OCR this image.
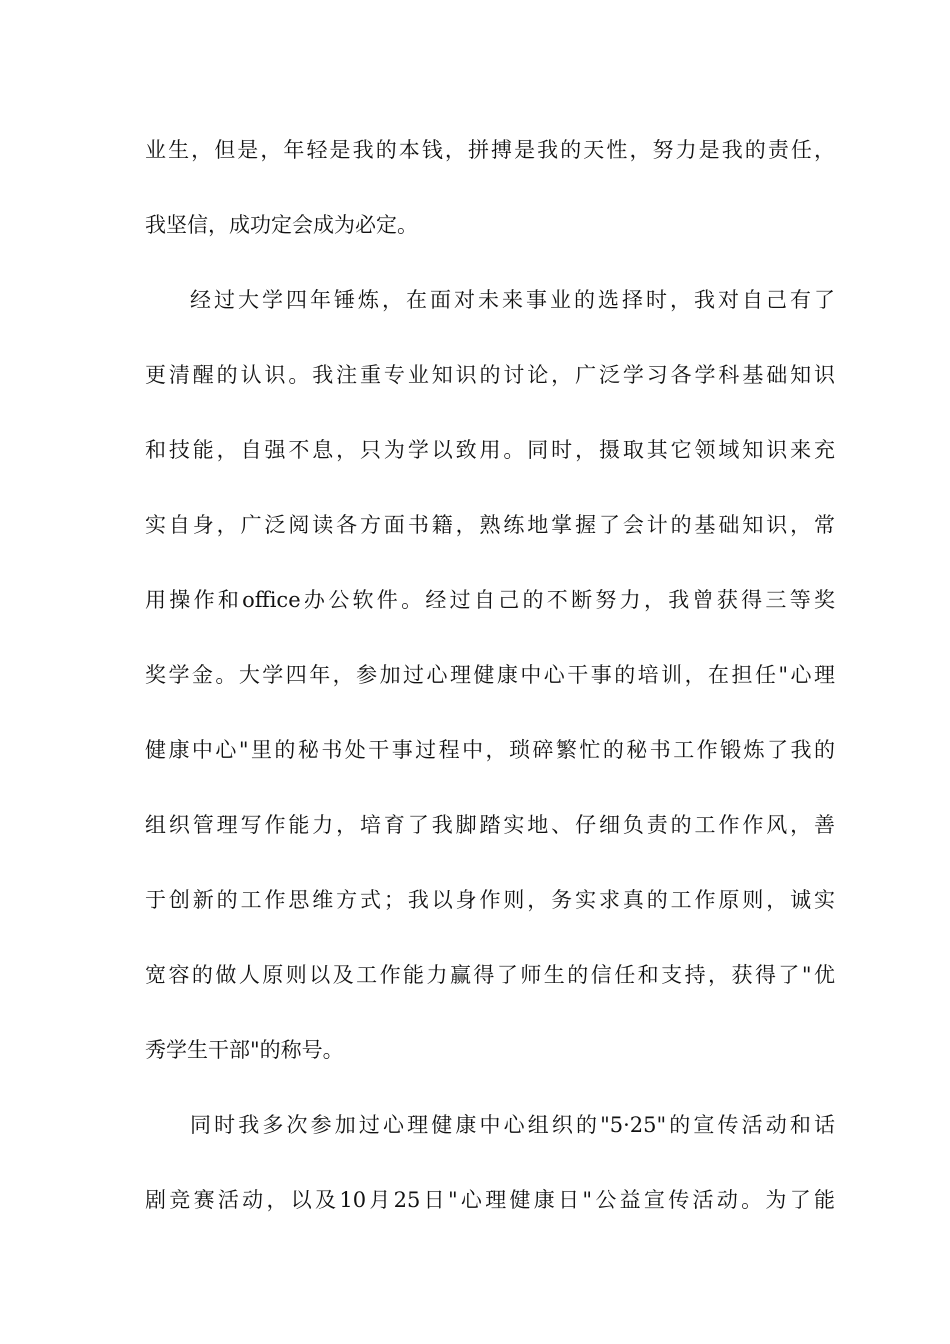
业生，但是，年轻是我的本钱，拼搏是我的天性，努力是我的责任，
我坚信，成功定会成为必定。
经过大学四年锤炼，在面对未来事业的选择时，我对自己有了
更清醒的认识。我注重专业知识的讨论，广泛学习各学科基础知识
和技能，自强不息，只为学以致用。同时，摄取其它领域知识来充
实自身，广泛阅读各方面书籍，熟练地掌握了会计的基础知识，常
用操作和office办公软件。经过自己的不断努力，我曾获得三等奖
奖学金。大学四年，参加过心理健康中心干事的培训，在担任"心理
健康中心"里的秘书处干事过程中，琐碎繁忙的秘书工作锻炼了我的
组织管理写作能力，培育了我脚踏实地、仔细负责的工作作风，善
于创新的工作思维方式；我以身作则，务实求真的工作原则，诚实
宽容的做人原则以及工作能力赢得了师生的信任和支持，获得了"优
秀学生干部"的称号。
同时我多次参加过心理健康中心组织的"5·25"的宣传活动和话
剧竞赛活动，以及10月25日"心理健康日"公益宣传活动。为了能
